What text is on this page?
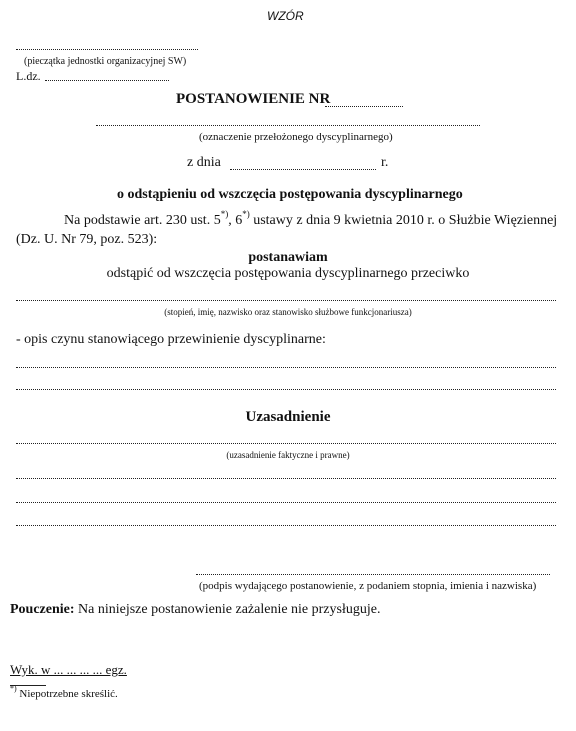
WZÓR
(pieczątka jednostki organizacyjnej SW)
L.dz.
POSTANOWIENIE NR
(oznaczenie przełożonego dyscyplinarnego)
z dnia	r.
o odstąpieniu od wszczęcia postępowania dyscyplinarnego
Na podstawie art. 230 ust. 5*), 6*) ustawy z dnia 9 kwietnia 2010 r. o Służbie Więziennej
(Dz. U. Nr 79, poz. 523):
postanawiam
odstąpić od wszczęcia postępowania dyscyplinarnego przeciwko
(stopień, imię, nazwisko oraz stanowisko służbowe funkcjonariusza)
- opis czynu stanowiącego przewinienie dyscyplinarne:
Uzasadnienie
(uzasadnienie faktyczne i prawne)
(podpis wydającego postanowienie, z podaniem stopnia, imienia i nazwiska)
Pouczenie: Na niniejsze postanowienie zażalenie nie przysługuje.
Wyk. w ... ... ... ... egz.
*) Niepotrzebne skreślić.
